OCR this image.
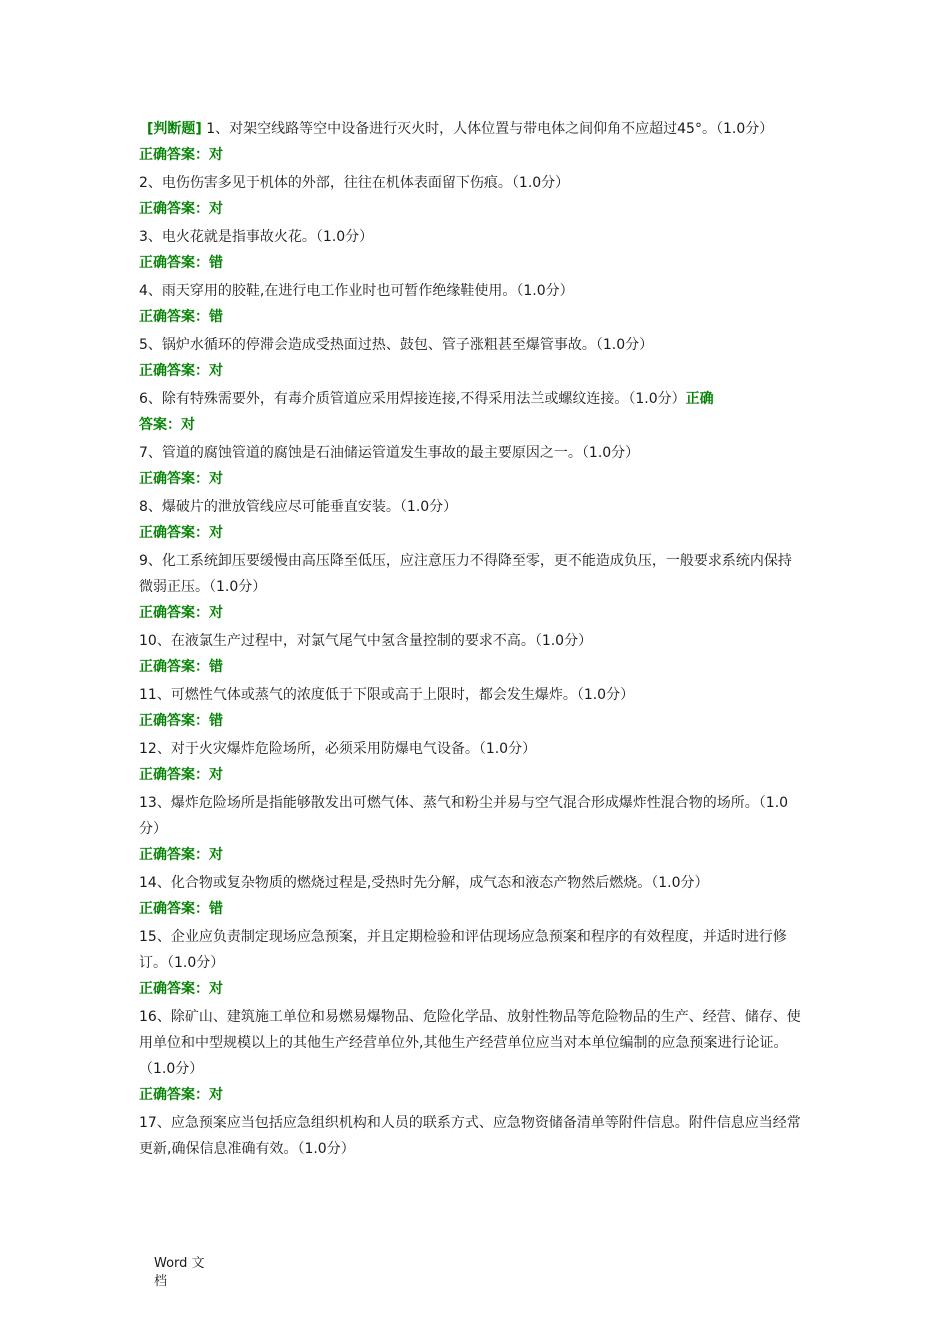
[判断题] 1、对架空线路等空中设备进行灭火时，人体位置与带电体之间仰角不应超过45°。（1.0分）

正确答案：对

2、电伤伤害多见于机体的外部，往往在机体表面留下伤痕。（1.0分）

正确答案：对

3、电火花就是指事故火花。（1.0分）

正确答案：错

4、雨天穿用的胶鞋,在进行电工作业时也可暂作绝缘鞋使用。（1.0分）

正确答案：错

5、锅炉水循环的停滞会造成受热面过热、鼓包、管子涨粗甚至爆管事故。（1.0分）

正确答案：对

6、除有特殊需要外，有毒介质管道应采用焊接连接,不得采用法兰或螺纹连接。（1.0分）正确

答案：对

7、管道的腐蚀管道的腐蚀是石油储运管道发生事故的最主要原因之一。（1.0分）

正确答案：对

8、爆破片的泄放管线应尽可能垂直安装。（1.0分）

正确答案：对

9、化工系统卸压要缓慢由高压降至低压，应注意压力不得降至零，更不能造成负压，一般要求系统内保持微弱正压。（1.0分）

正确答案：对

10、在液氯生产过程中，对氯气尾气中氢含量控制的要求不高。（1.0分）

正确答案：错

11、可燃性气体或蒸气的浓度低于下限或高于上限时，都会发生爆炸。（1.0分）

正确答案：错

12、对于火灾爆炸危险场所，必须采用防爆电气设备。（1.0分）

正确答案：对

13、爆炸危险场所是指能够散发出可燃气体、蒸气和粉尘并易与空气混合形成爆炸性混合物的场所。（1.0分）

正确答案：对

14、化合物或复杂物质的燃烧过程是,受热时先分解，成气态和液态产物然后燃烧。（1.0分）

正确答案：错

15、企业应负责制定现场应急预案，并且定期检验和评估现场应急预案和程序的有效程度，并适时进行修订。（1.0分）

正确答案：对

16、除矿山、建筑施工单位和易燃易爆物品、危险化学品、放射性物品等危险物品的生产、经营、储存、使用单位和中型规模以上的其他生产经营单位外,其他生产经营单位应当对本单位编制的应急预案进行论证。（1.0分）

正确答案：对

17、应急预案应当包括应急组织机构和人员的联系方式、应急物资储备清单等附件信息。附件信息应当经常更新,确保信息准确有效。（1.0分）

Word 文档
